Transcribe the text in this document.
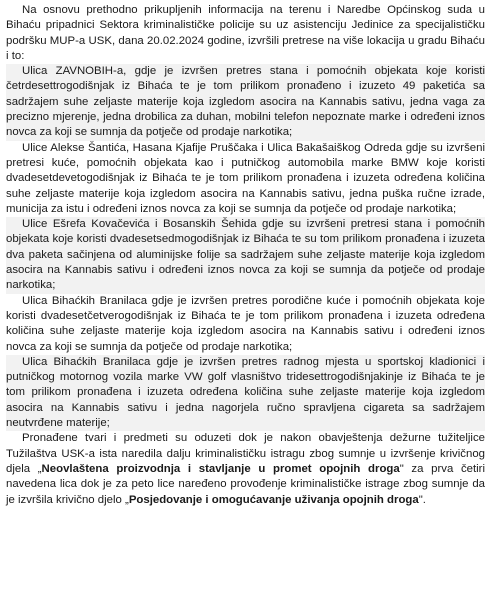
Na osnovu prethodno prikupljenih informacija na terenu i Naredbe Općinskog suda u Bihaću pripadnici Sektora kriminalističke policije su uz asistenciju Jedinice za specijalističku podršku MUP-a USK, dana 20.02.2024 godine, izvršili pretrese na više lokacija u gradu Bihaću i to:

Ulica ZAVNOBIH-a, gdje je izvršen pretres stana i pomoćnih objekata koje koristi četrdesettrogodišnjak iz Bihaća te je tom prilikom pronađeno i izuzeto 49 paketića sa sadržajem suhe zeljaste materije koja izgledom asocira na Kannabis sativu, jedna vaga za precizno mjerenje, jedna drobilica za duhan, mobilni telefon nepoznate marke i određeni iznos novca za koji se sumnja da potječe od prodaje narkotika;

Ulice Alekse Šantića, Hasana Kjafije Pruščaka i Ulica Bakašaiškog Odreda gdje su izvršeni pretresi kuće, pomoćnih objekata kao i putničkog automobila marke BMW koje koristi dvadesetdevetogodišnjak iz Bihaća te je tom prilikom pronađena i izuzeta određena količina suhe zeljaste materije koja izgledom asocira na Kannabis sativu, jedna puška ručne izrade, municija za istu i određeni iznos novca za koji se sumnja da potječe od prodaje narkotika;

Ulice Ešrefa Kovačevića i Bosanskih Šehida gdje su izvršeni pretresi stana i pomoćnih objekata koje koristi dvadesetsedmogodišnjak iz Bihaća te su tom prilikom pronađena i izuzeta dva paketa sačinjena od aluminijske folije sa sadržajem suhe zeljaste materije koja izgledom asocira na Kannabis sativu i određeni iznos novca za koji se sumnja da potječe od prodaje narkotika;

Ulica Bihaćkih Branilaca gdje je izvršen pretres porodične kuće i pomoćnih objekata koje koristi dvadesetčetverogodišnjak iz Bihaća te je tom prilikom pronađena i izuzeta određena količina suhe zeljaste materije koja izgledom asocira na Kannabis sativu i određeni iznos novca za koji se sumnja da potječe od prodaje narkotika;

Ulica Bihaćkih Branilaca gdje je izvršen pretres radnog mjesta u sportskoj kladionici i putničkog motornog vozila marke VW golf vlasništvo tridesettrogodišnjakinje iz Bihaća te je tom prilikom pronađena i izuzeta određena količina suhe zeljaste materije koja izgledom asocira na Kannabis sativu i jedna nagorjela ručno spravljena cigareta sa sadržajem neutvrđene materije;

Pronađene tvari i predmeti su oduzeti dok je nakon obavještenja dežurne tužiteljice Tužilaštva USK-a ista naredila dalju kriminalističku istragu zbog sumnje u izvršenje krivičnog djela „Neovlaštena proizvodnja i stavljanje u promet opojnih droga" za prva četiri navedena lica dok je za peto lice naređeno provođenje kriminalističke istrage zbog sumnje da je izvršila krivično djelo „Posjedovanje i omogućavanje uživanja opojnih droga".
